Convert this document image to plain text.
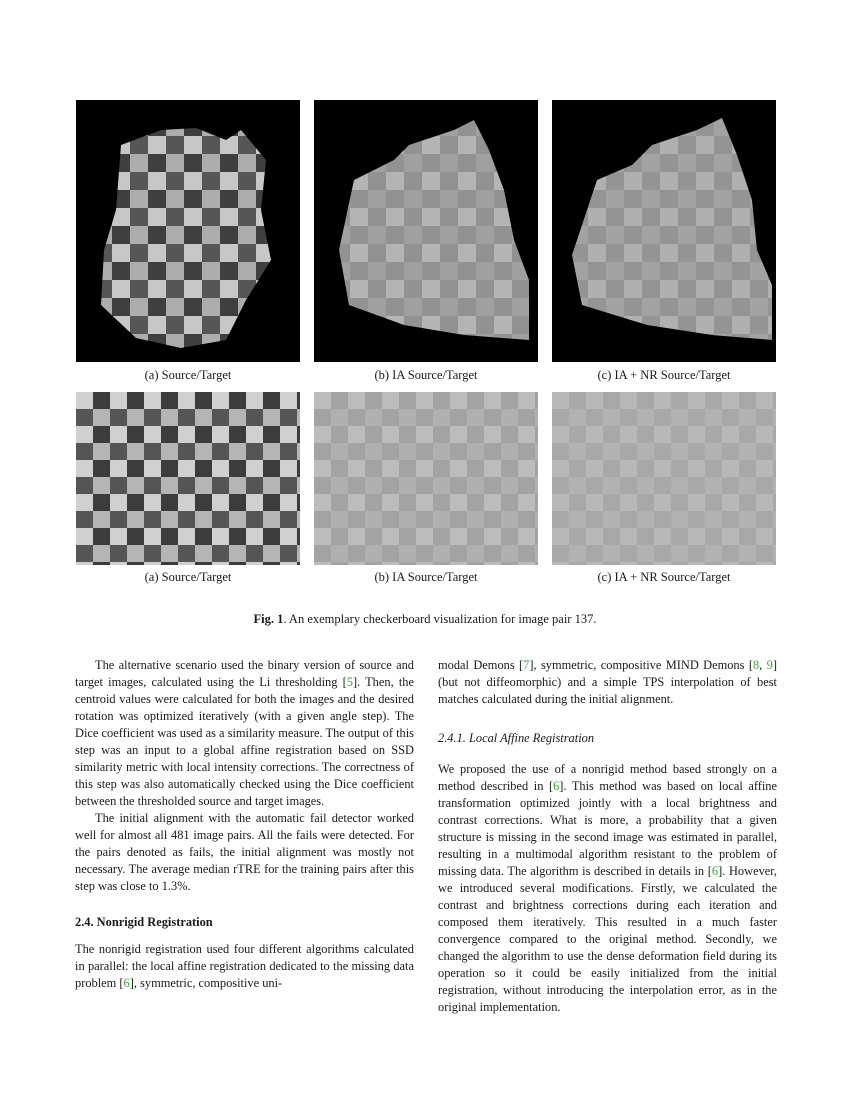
(a) Source/Target	(b) IA Source/Target	(c) IA + NR Source/Target
(a) Source/Target	(b) IA Source/Target	(c) IA + NR Source/Target
Fig. 1. An exemplary checkerboard visualization for image pair 137.

The alternative scenario used the binary version of source and target images, calculated using the Li thresholding [5]. Then, the centroid values were calculated for both the images and the desired rotation was optimized iteratively (with a given angle step). The Dice coefficient was used as a similarity measure. The output of this step was an input to a global affine registration based on SSD similarity metric with local intensity corrections. The correctness of this step was also automatically checked using the Dice coefficient between the thresholded source and target images.

The initial alignment with the automatic fail detector worked well for almost all 481 image pairs. All the fails were detected. For the pairs denoted as fails, the initial alignment was mostly not necessary. The average median rTRE for the training pairs after this step was close to 1.3%.

2.4. Nonrigid Registration

The nonrigid registration used four different algorithms calculated in parallel: the local affine registration dedicated to the missing data problem [6], symmetric, compositive uni-

modal Demons [7], symmetric, compositive MIND Demons [8, 9] (but not diffeomorphic) and a simple TPS interpolation of best matches calculated during the initial alignment.

2.4.1. Local Affine Registration

We proposed the use of a nonrigid method based strongly on a method described in [6]. This method was based on local affine transformation optimized jointly with a local brightness and contrast corrections. What is more, a probability that a given structure is missing in the second image was estimated in parallel, resulting in a multimodal algorithm resistant to the problem of missing data. The algorithm is described in details in [6]. However, we introduced several modifications. Firstly, we calculated the contrast and brightness corrections during each iteration and composed them iteratively. This resulted in a much faster convergence compared to the original method. Secondly, we changed the algorithm to use the dense deformation field during its operation so it could be easily initialized from the initial registration, without introducing the interpolation error, as in the original implementation.
